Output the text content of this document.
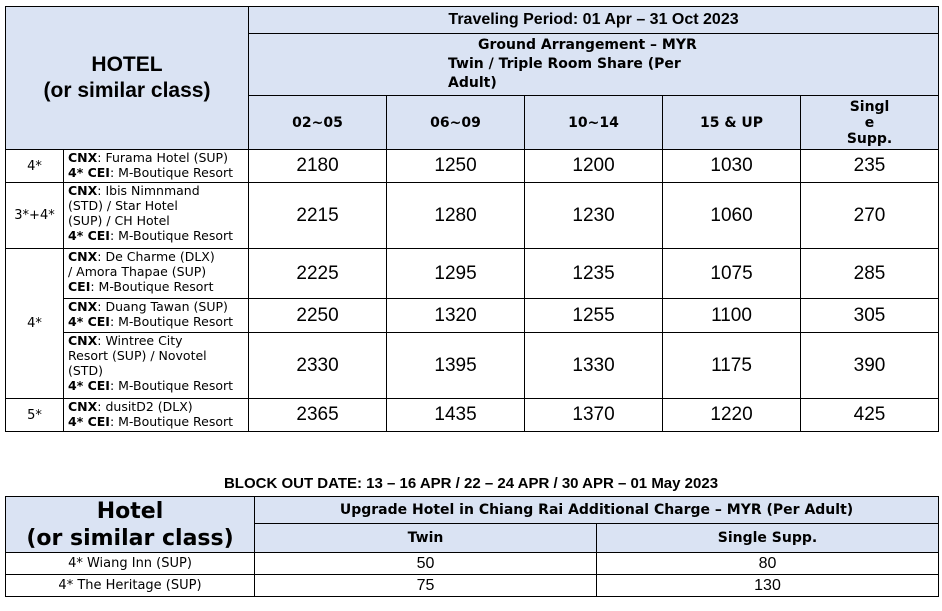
HOTEL
(or similar class)		Traveling Period: 01 Apr – 31 Oct 2023				

		Ground Arrangement – MYR
Twin / Triple Room Share (Per
Adult)				

		02~05	06~09	10~14	15 & UP	Singl
e
Supp.

4*	CNX: Furama Hotel (SUP)
4* CEI: M-Boutique Resort	2180	1250	1200	1030	235
3*+4*	CNX: Ibis Nimnmand
(STD) / Star Hotel
(SUP) / CH Hotel
4* CEI: M-Boutique Resort	2215	1280	1230	1060	270
4*	CNX: De Charme (DLX)
/ Amora Thapae (SUP)
CEI: M-Boutique Resort	2225	1295	1235	1075	285

	CNX: Duang Tawan (SUP)
4* CEI: M-Boutique Resort	2250	1320	1255	1100	305

	CNX: Wintree City
Resort (SUP) / Novotel
(STD)
4* CEI: M-Boutique Resort	2330	1395	1330	1175	390
5*	CNX: dusitD2 (DLX)
4* CEI: M-Boutique Resort	2365	1435	1370	1220	425
BLOCK OUT DATE: 13 – 16 APR / 22 – 24 APR / 30 APR – 01 May 2023
Hotel
(or similar class)	Upgrade Hotel in Chiang Rai Additional Charge – MYR (Per Adult)	
	Twin	Single Supp.
4* Wiang Inn (SUP)	50	80
4* The Heritage (SUP)	75	130
